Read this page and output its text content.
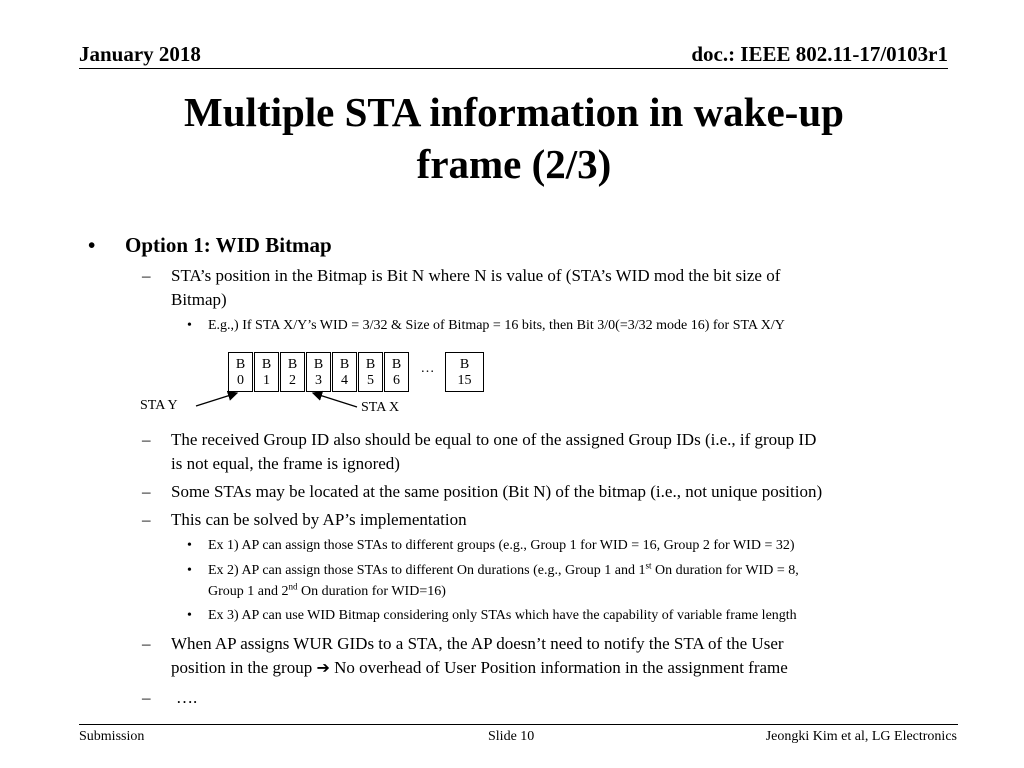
January 2018	doc.: IEEE 802.11-17/0103r1
Multiple STA information in wake-up
frame (2/3)
• Option 1: WID Bitmap
– STA’s position in the Bitmap is Bit N where N is value of (STA’s WID mod the bit size of
Bitmap)
• E.g.,) If STA X/Y’s WID = 3/32 & Size of Bitmap = 16 bits, then Bit 3/0(=3/32 mode 16) for STA X/Y
B
0
B
1
B
2
B
3
B
4
B
5
B
6
…	B
15
STA Y	STA X
– The received Group ID also should be equal to one of the assigned Group IDs (i.e., if group ID
is not equal, the frame is ignored)
– Some STAs may be located at the same position (Bit N) of the bitmap (i.e., not unique position)
– This can be solved by AP’s implementation
• Ex 1) AP can assign those STAs to different groups (e.g., Group 1 for WID = 16, Group 2 for WID = 32)
• Ex 2) AP can assign those STAs to different On durations (e.g., Group 1 and 1st On duration for WID = 8,
Group 1 and 2nd On duration for WID=16)
• Ex 3) AP can use WID Bitmap considering only STAs which have the capability of variable frame length
– When AP assigns WUR GIDs to a STA, the AP doesn’t need to notify the STA of the User
position in the group ➔ No overhead of User Position information in the assignment frame
– ….
Submission	Slide 10	Jeongki Kim et al, LG Electronics
